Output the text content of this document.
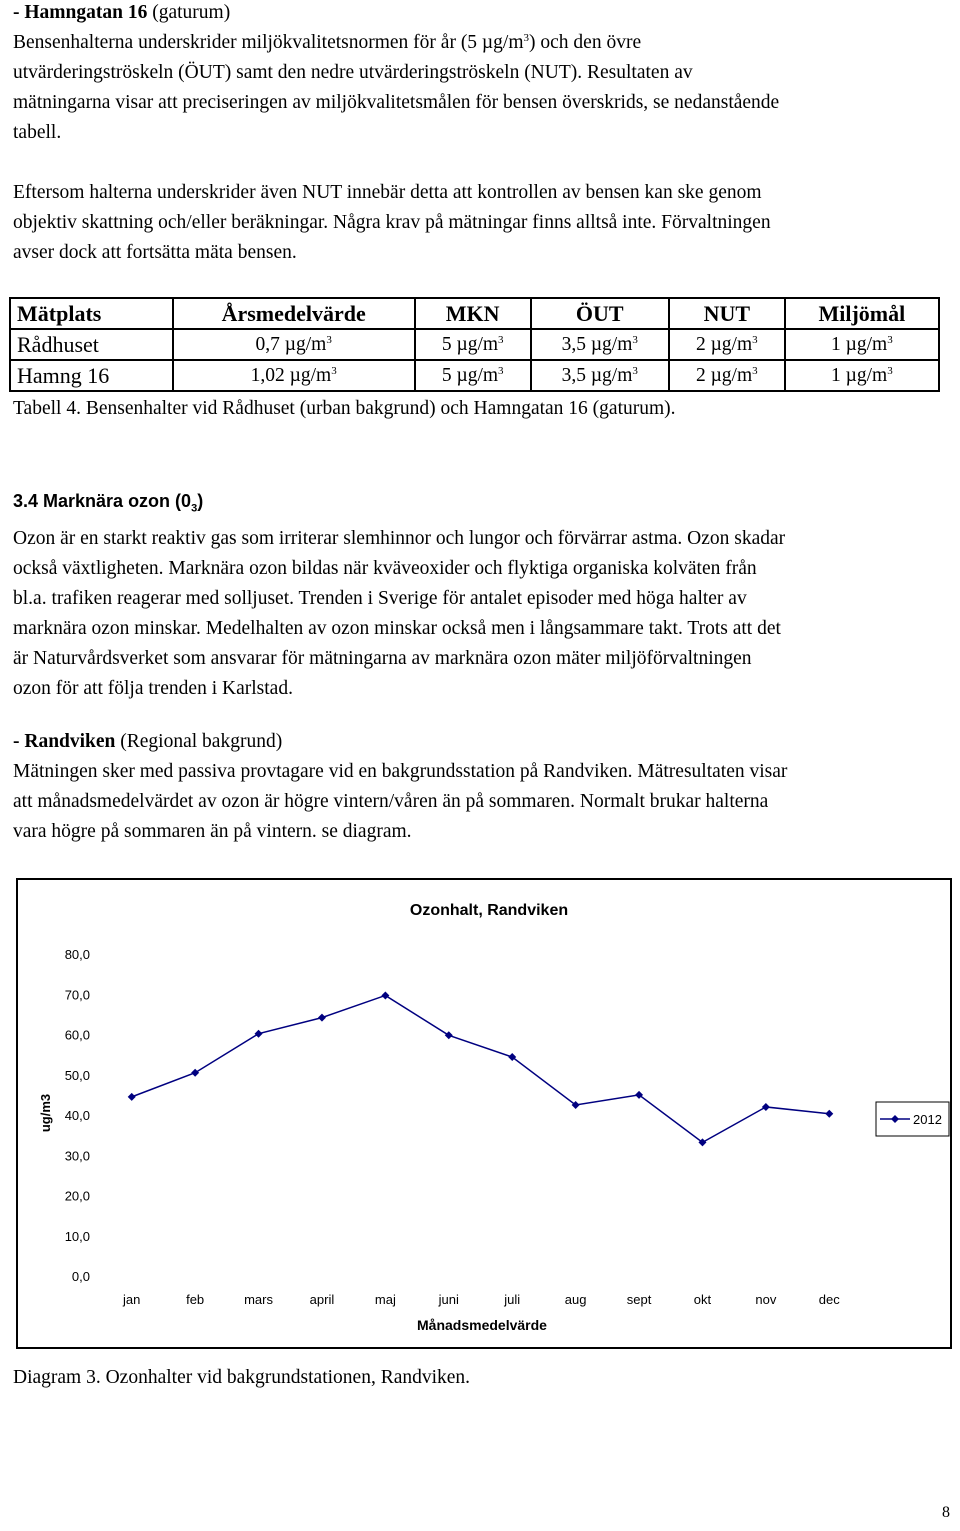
- Hamngatan 16 (gaturum)
Bensenhalterna underskrider miljökvalitetsnormen för år (5 $\mu g/m^3$) och den övre
utvärderingströskeln (ÖUT) samt den nedre utvärderingströskeln (NUT). Resultaten av
mätningarna visar att preciseringen av miljökvalitetsmålen för bensen överskrids, se nedanstående
tabell.
Eftersom halterna underskrider även NUT innebär detta att kontrollen av bensen kan ske genom
objektiv skattning och/eller beräkningar. Några krav på mätningar finns alltså inte. Förvaltningen
avser dock att fortsätta mäta bensen.
Mätplats	Årsmedelvärde	MKN	ÖUT	NUT	Miljömål
Rådhuset	0,7 $\mu g/m^3$	5 $\mu g/m^3$	3,5 $\mu g/m^3$	2 $\mu g/m^3$	1 $\mu g/m^3$
Hamng 16	1,02 $\mu g/m^3$	5 $\mu g/m^3$	3,5 $\mu g/m^3$	2 $\mu g/m^3$	1 $\mu g/m^3$
Tabell 4. Bensenhalter vid Rådhuset (urban bakgrund) och Hamngatan 16 (gaturum).
3.4 Marknära ozon $(0_3)$
Ozon är en starkt reaktiv gas som irriterar slemhinnor och lungor och förvärrar astma. Ozon skadar
också växtligheten. Marknära ozon bildas när kväveoxider och flyktiga organiska kolväten från
bl.a. trafiken reagerar med solljuset. Trenden i Sverige för antalet episoder med höga halter av
marknära ozon minskar. Medelhalten av ozon minskar också men i långsammare takt. Trots att det
är Naturvårdsverket som ansvarar för mätningarna av marknära ozon mäter miljöförvaltningen
ozon för att följa trenden i Karlstad.
- Randviken (Regional bakgrund)
Mätningen sker med passiva provtagare vid en bakgrundsstation på Randviken. Mätresultaten visar
att månadsmedelvärdet av ozon är högre vintern/våren än på sommaren. Normalt brukar halterna
vara högre på sommaren än på vintern. se diagram.
Ozonhalt, Randviken
ug/m3
Månadsmedelvärde
0,0
10,0
20,0
30,0
40,0
50,0
60,0
70,0
80,0
jan	feb	mars	april	maj	juni	juli	aug	sept	okt	nov	dec
2012
Diagram 3. Ozonhalter vid bakgrundstationen, Randviken.
8
